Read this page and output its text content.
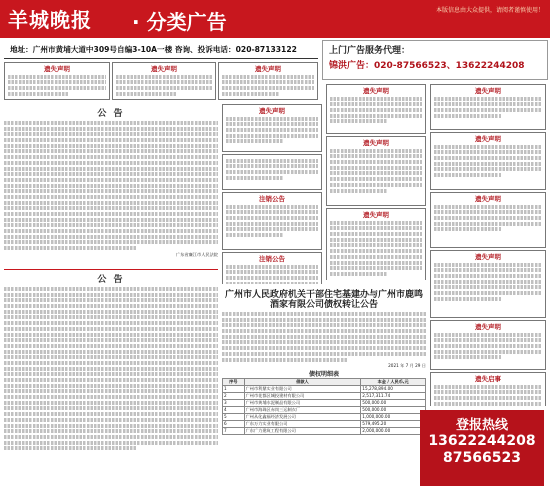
羊城晚报 · 分类广告	本版信息由大众提供，请阅者谨慎使用！
地址：广州市黄埔大道中309号自编3-10A一楼 咨询、投诉电话：020-87133122	上门广告服务代理：
锦洪广告：020-87566523、13622244208
遗失声明	遗失声明	遗失声明
公 告
广东省廉江市人民法院
公 告
遗失声明
注销公告
注销公告
遗失声明
遗失声明
遗失声明
遗失声明
遗失声明
遗失声明
遗失声明
遗失声明
遗失启事
广州市人民政府机关干部住宅基建办与广州市鹿鸣酒家有限公司债权转让公告
2021 年 7 月 29 日
债权明细表
序号	借款人	本金 / 人民币,元
1	广州市利鼎实业有限公司	15,278,894.00
2	广州市花都区城投建材有限公司	2,517,311.74
3	广州市黄埔水泥制品有限公司	500,000.00
4	广州市海珠区赤岗三运制衣厂	500,000.00
5	广州从化鑫福经济发展公司	1,000,000.00
6	广东万力实业有限公司	579,495.20
7	广东广力建筑工程有限公司	2,000,000.00	登报热线
13622244208
87566523
